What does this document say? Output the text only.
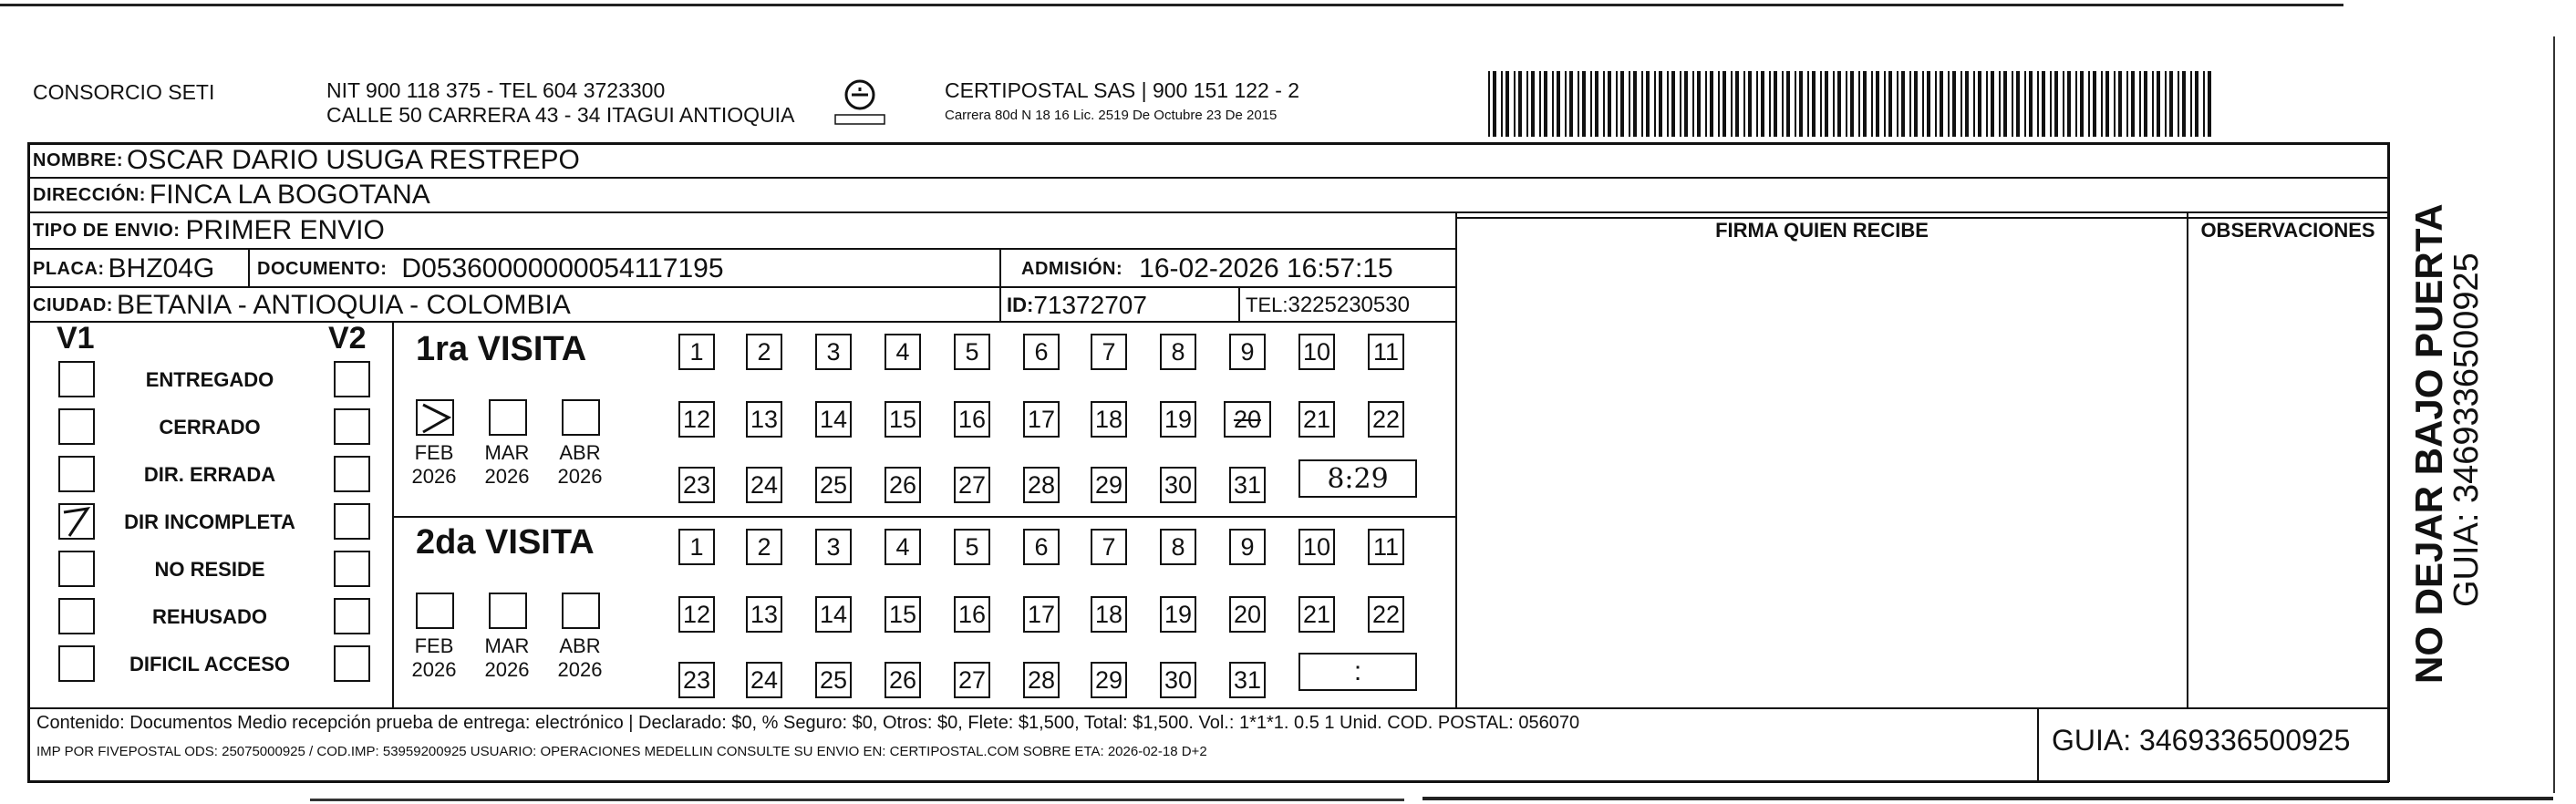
CONSORCIO SETI	NIT 900 118 375 - TEL 604 3723300
CALLE 50 CARRERA 43 - 34 ITAGUI ANTIOQUIA
CERTIPOSTAL SAS | 900 151 122 - 2
Carrera 80d N 18 16 Lic. 2519 De Octubre 23 De 2015
NOMBRE: OSCAR DARIO USUGA RESTREPO
DIRECCIÓN: FINCA LA BOGOTANA
TIPO DE ENVIO: PRIMER ENVIO
PLACA: BHZ04G DOCUMENTO: D05360000000054117195	ADMISIÓN: 16-02-2026 16:57:15
CIUDAD: BETANIA - ANTIOQUIA - COLOMBIA	ID: 71372707	TEL: 3225230530
FIRMA QUIEN RECIBE	OBSERVACIONES
V1	V2
ENTREGADO
CERRADO
DIR. ERRADA
DIR INCOMPLETA
NO RESIDE
REHUSADO
DIFICIL ACCESO
1ra VISITA
FEB
2026
MAR
2026
ABR
2026
1	2	3	4	5	6	7	8	9	10 11
12 13 14 15 16 17 18 19	20	21 22
23 24 25 26 27 28 29 30 31	8:29
2da VISITA
FEB
2026
MAR
2026
ABR
2026
1	2	3	4	5	6	7	8	9	10 11
12 13 14 15 16 17 18 19 20 21 22
23 24 25 26 27 28 29 30 31	:
Contenido: Documentos Medio recepción prueba de entrega: electrónico | Declarado: $0, % Seguro: $0, Otros: $0, Flete: $1,500, Total: $1,500. Vol.: 1*1*1. 0.5 1 Unid. COD. POSTAL: 056070
IMP POR FIVEPOSTAL ODS: 25075000925 / COD.IMP: 53959200925 USUARIO: OPERACIONES MEDELLIN CONSULTE SU ENVIO EN: CERTIPOSTAL.COM SOBRE ETA: 2026-02-18 D+2	GUIA: 3469336500925
NO DEJAR BAJO PUERTA
GUIA: 3469336500925
